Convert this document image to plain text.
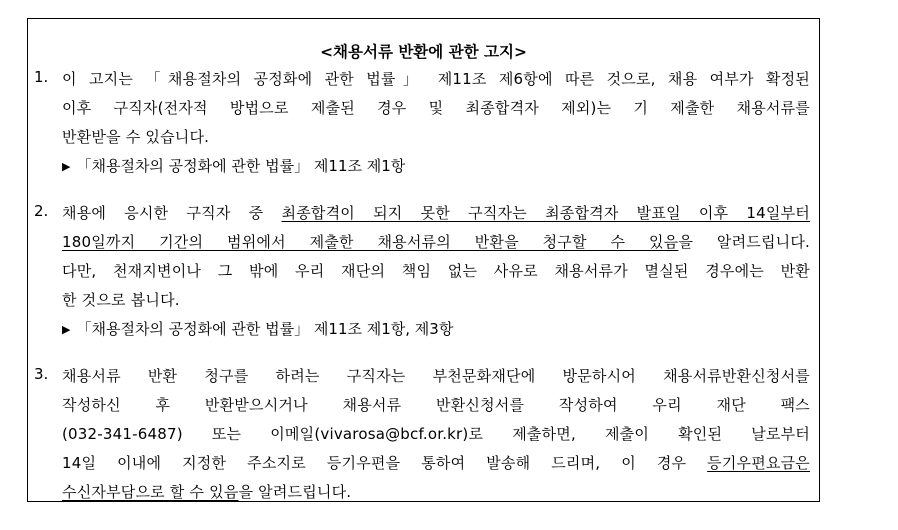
<채용서류 반환에 관한 고지>
1. 이 고지는 「채용절차의 공정화에 관한 법률」 제11조 제6항에 따른 것으로, 채용 여부가 확정된
이후 구직자(전자적 방법으로 제출된 경우 및 최종합격자 제외)는 기 제출한 채용서류를
반환받을 수 있습니다.
▶ 「채용절차의 공정화에 관한 법률」 제11조 제1항
2. 채용에 응시한 구직자 중 최종합격이 되지 못한 구직자는 최종합격자 발표일 이후 14일부터
180일까지 기간의 범위에서 제출한 채용서류의 반환을 청구할 수 있음을 알려드립니다.
다만, 천재지변이나 그 밖에 우리 재단의 책임 없는 사유로 채용서류가 멸실된 경우에는 반환
한 것으로 봅니다.
▶ 「채용절차의 공정화에 관한 법률」 제11조 제1항, 제3항
3. 채용서류 반환 청구를 하려는 구직자는 부천문화재단에 방문하시어 채용서류반환신청서를
작성하신 후 반환받으시거나 채용서류 반환신청서를 작성하여 우리 재단 팩스
(032-341-6487) 또는 이메일(vivarosa@bcf.or.kr)로 제출하면, 제출이 확인된 날로부터
14일 이내에 지정한 주소지로 등기우편을 통하여 발송해 드리며, 이 경우 등기우편요금은
수신자부담으로 할 수 있음을 알려드립니다.
